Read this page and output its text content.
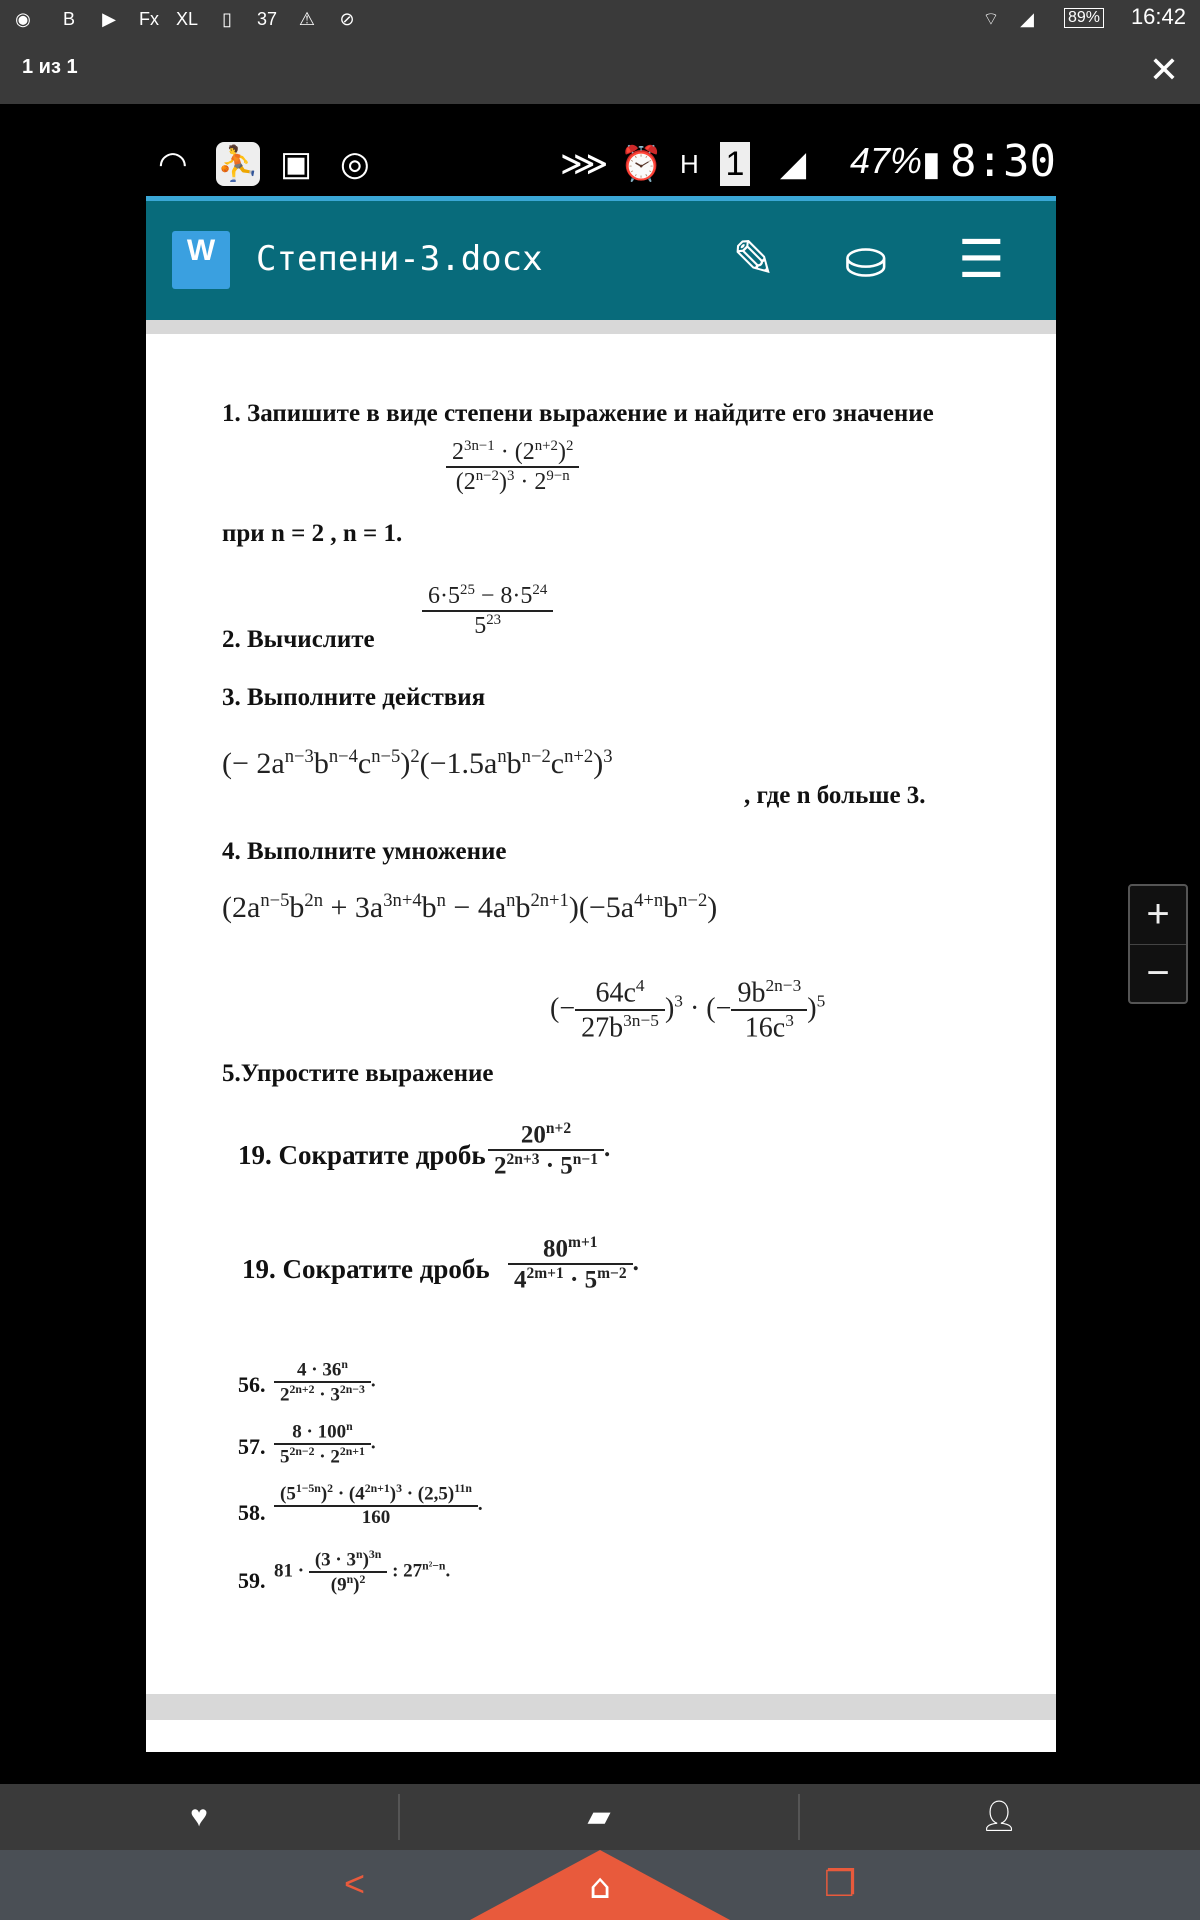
◉	В	▶	Fx XL	▯	37 ⚠	⊘	⌔	◢	89% 16:42
1 из 1	✕
◠ ⛹ ▣ ◎	⋙ ⏰ H 1 ◢ 47% ▮ 8:30
W	Степени-3.docx	✎ ⛀ ☰
1. Запишите в виде степени выражение и найдите его значение
$\frac{2^{3n-1} \cdot (2^{n+2})^2}{(2^{n-2})^3 \cdot 2^{9-n}}$
при n = 2 , n = 1.
$\frac{6\cdot 5^{25} - 8\cdot 5^{24}}{5^{23}}$
2. Вычислите
3. Выполните действия
(− $2a^{n-3}b^{n-4}c^{n-5})^2(-1.5a^nb^{n-2}c^{n+2})^3$
, где n больше 3.
4. Выполните умножение
$(2a^{n-5}b^{2n} + 3a^{3n+4}b^n - 4a^nb^{2n+1})(-5a^{4+n}b^{n-2})$
(− $\frac{64c^4}{27b^{3n-5}} )^3$ · (− $\frac{9b^{2n-3}}{16c^3} )^5$
5.Упростите выражение
19. Сократите дробь $\frac{20^{n+2}}{2^{2n+3} \cdot 5^{n-1}}$ .
19. Сократите дробь $\frac{80^{m+1}}{4^{2m+1} \cdot 5^{m-2}}$ .
56. $\frac{4 \cdot 36^n}{2^{2n+2} \cdot 3^{2n-3}}$ .
57. $\frac{8 \cdot 100^n}{5^{2n-2} \cdot 2^{2n+1}}$ .
58. $\frac{(5^{1-5n})^2 \cdot (4^{2n+1})^3 \cdot (2,5)^{11n}}{160}$ .
59. $81 \cdot \frac{(3 \cdot 3^n)^{3n}}{(9^n)^2}$ : $27^{n^2-n}$.
+
−
♥	▰	👤︎
<	⌂	❐
